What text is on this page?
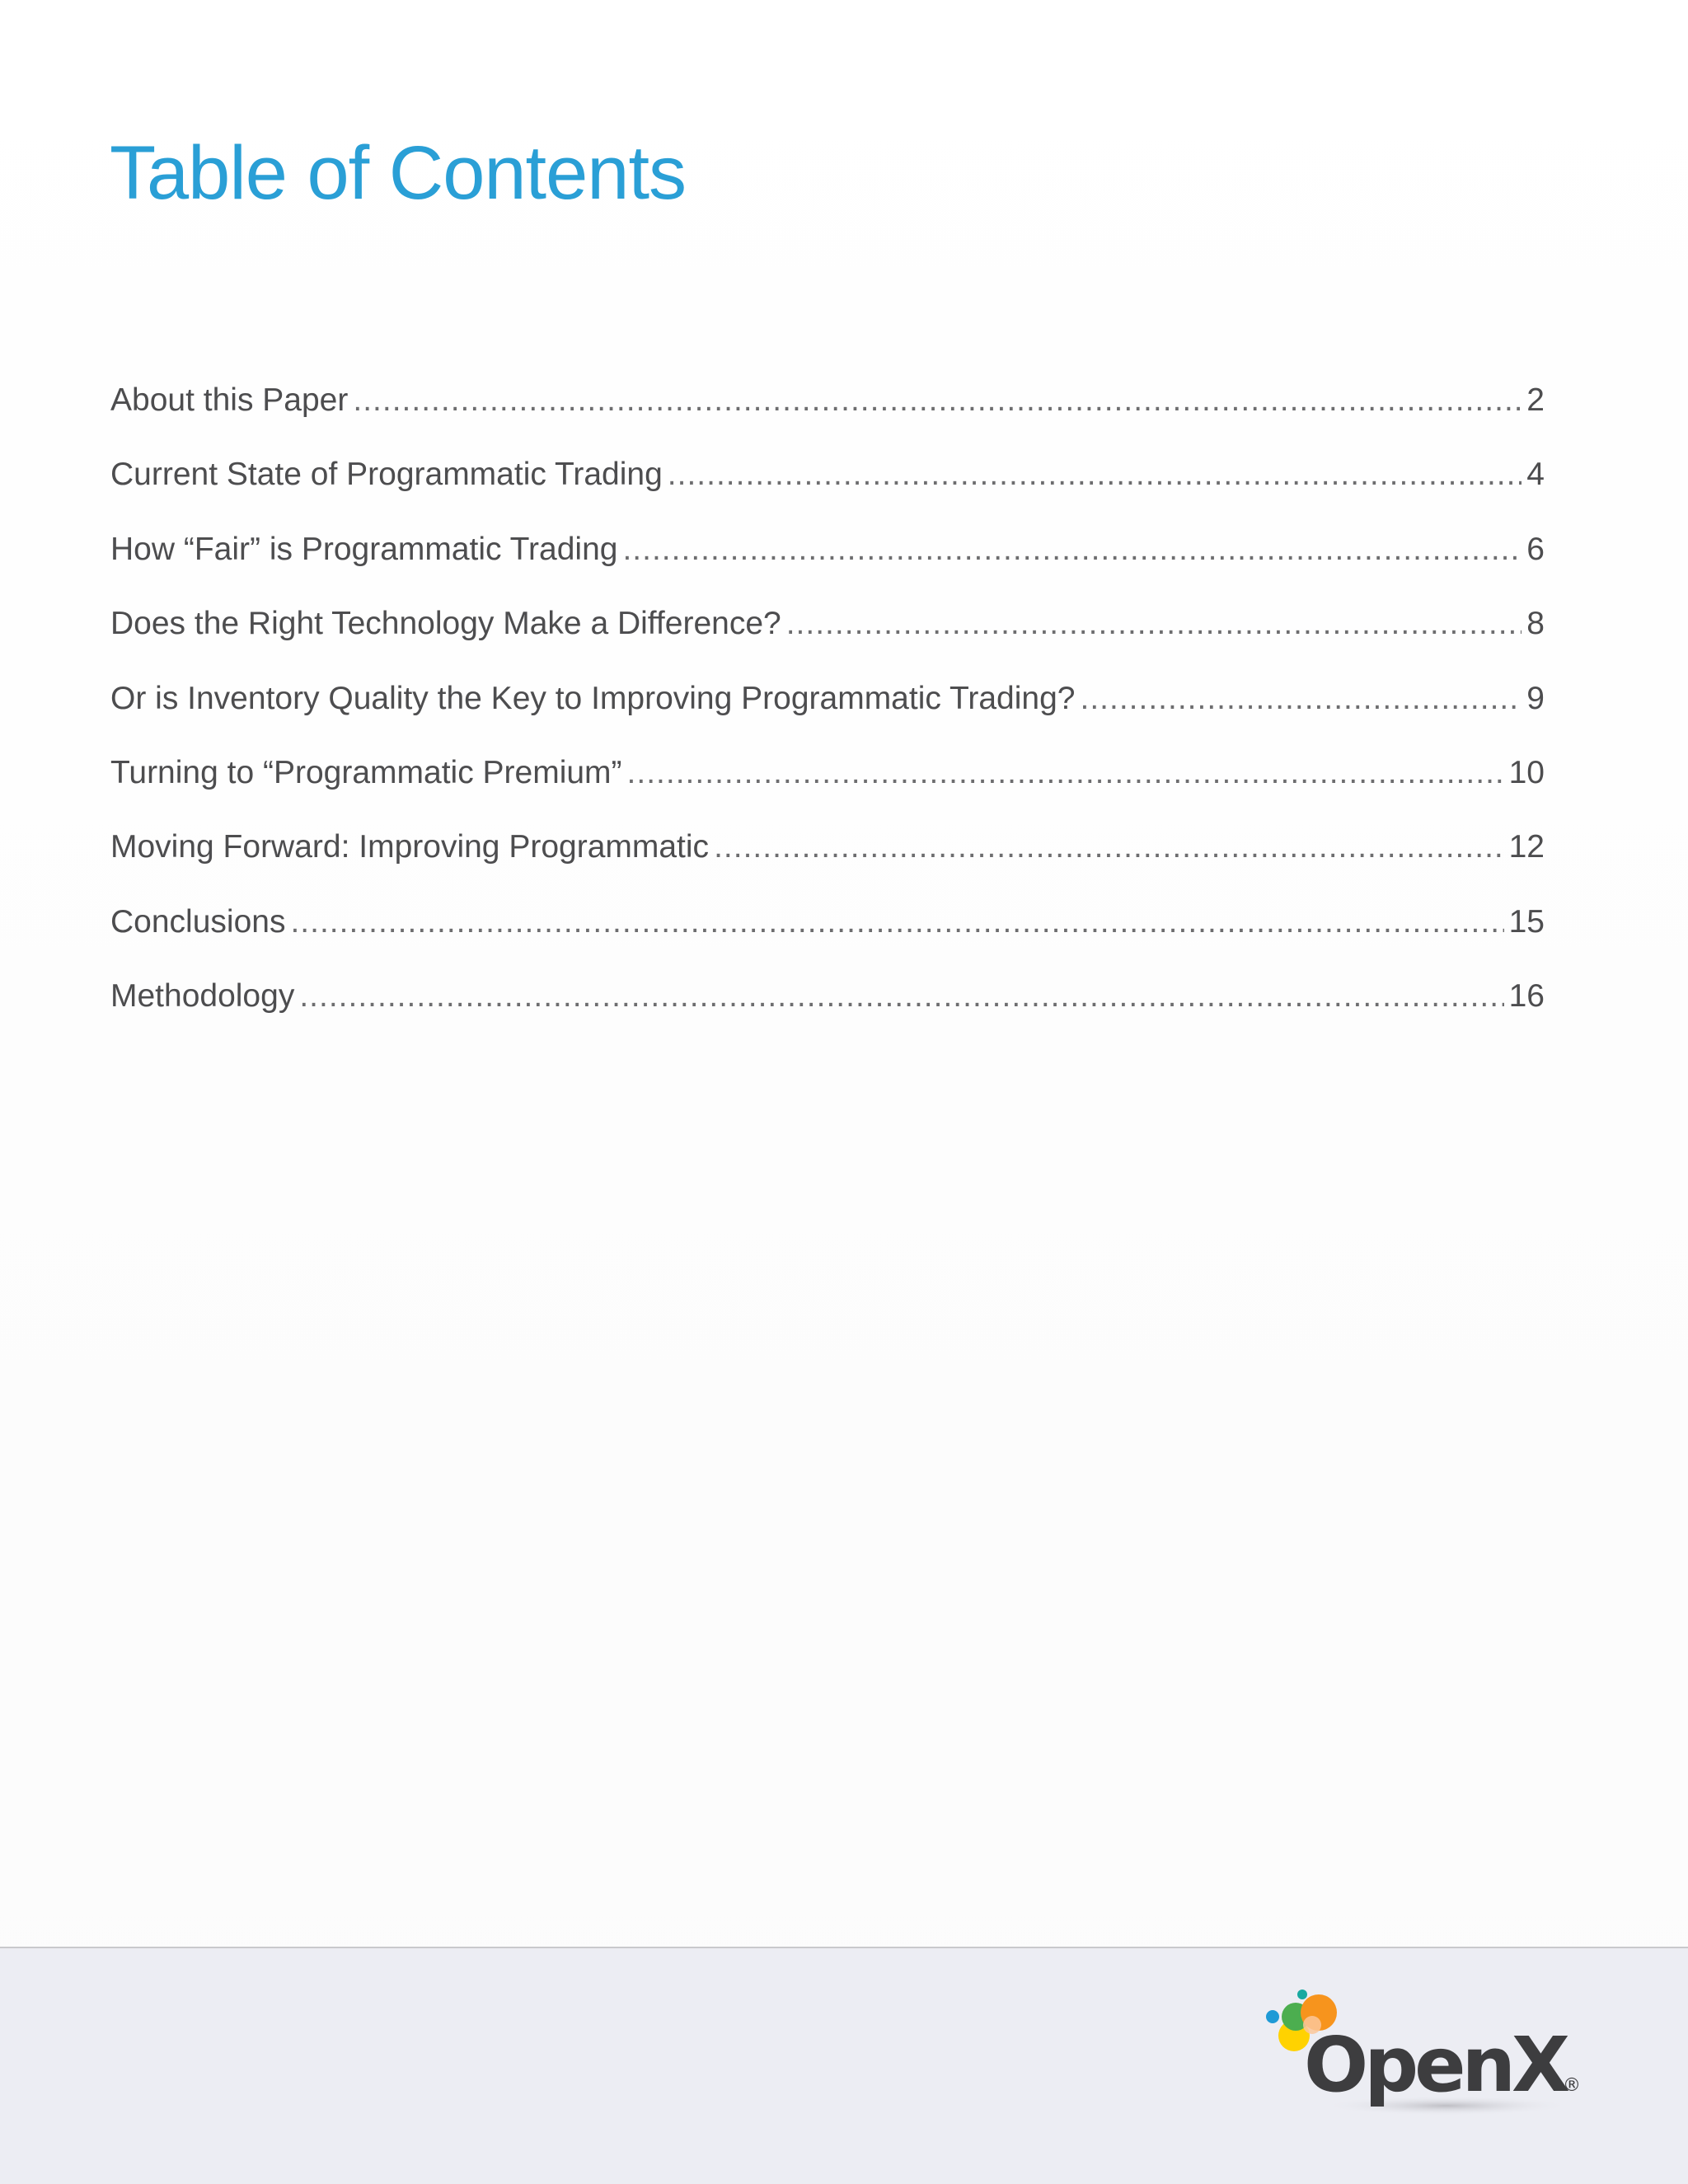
Table of Contents
About this Paper .....	2
Current State of Programmatic Trading .....	4
How “Fair” is Programmatic Trading .....	6
Does the Right Technology Make a Difference? .....	8
Or is Inventory Quality the Key to Improving Programmatic Trading? .....	9
Turning to “Programmatic Premium” .....	10
Moving Forward: Improving Programmatic .....	12
Conclusions .....	15
Methodology .....	16
OpenX
®
